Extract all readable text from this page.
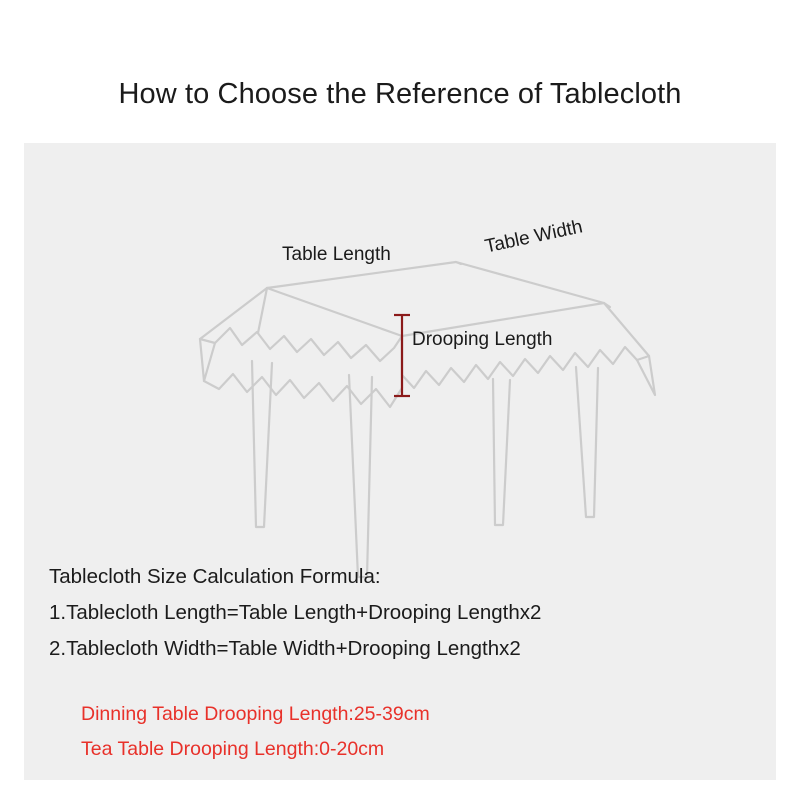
How to Choose the Reference of Tablecloth
Table Length	Table Width
Drooping Length
Tablecloth Size Calculation Formula:
1.Tablecloth Length=Table Length+Drooping Lengthx2
2.Tablecloth Width=Table Width+Drooping Lengthx2
Dinning Table Drooping Length:25-39cm
Tea Table Drooping Length:0-20cm
